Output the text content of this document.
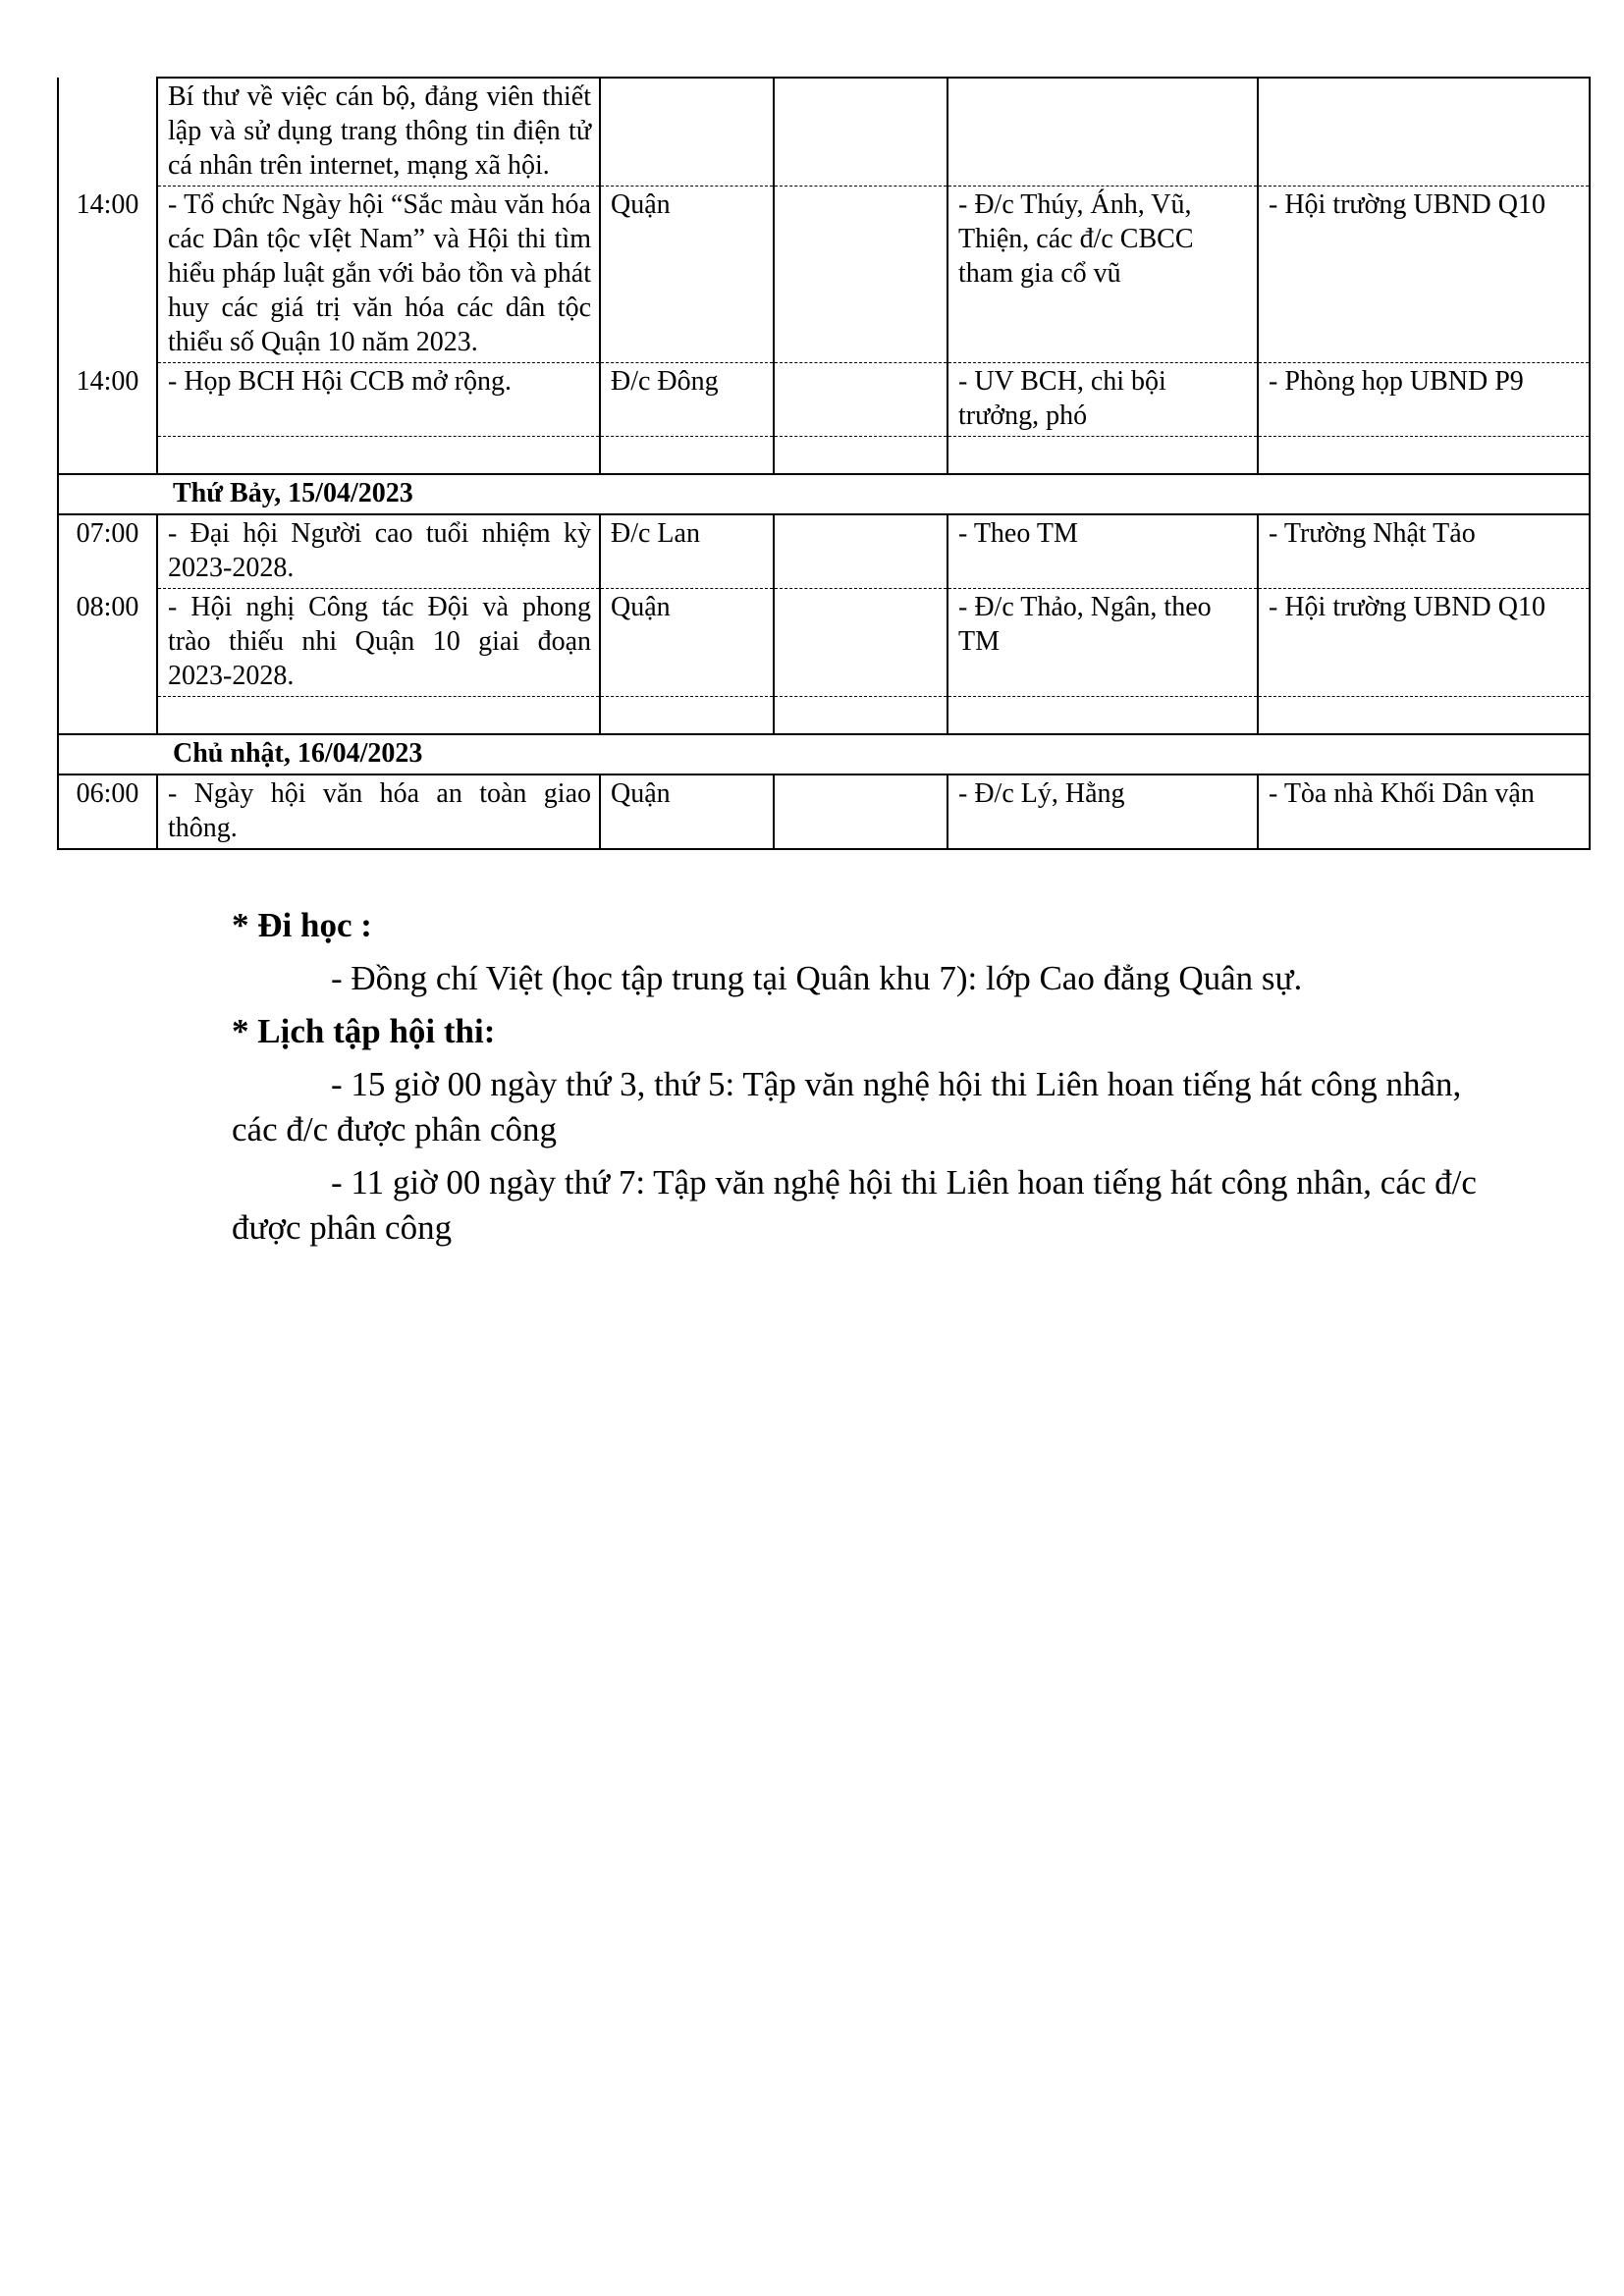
	Bí thư về việc cán bộ, đảng viên thiết lập và sử dụng trang thông tin điện tử cá nhân trên internet, mạng xã hội.				
14:00	- Tổ chức Ngày hội “Sắc màu văn hóa các Dân tộc vIệt Nam” và Hội thi tìm hiểu pháp luật gắn với bảo tồn và phát huy các giá trị văn hóa các dân tộc thiểu số Quận 10 năm 2023.	Quận		- Đ/c Thúy, Ánh, Vũ, Thiện, các đ/c CBCC tham gia cổ vũ	- Hội trường UBND Q10
14:00	- Họp BCH Hội CCB mở rộng.	Đ/c Đông		- UV BCH, chi bội trưởng, phó	- Phòng họp UBND P9

Thứ Bảy, 15/04/2023					
07:00	- Đại hội Người cao tuổi nhiệm kỳ 2023-2028.	Đ/c Lan		- Theo TM	- Trường Nhật Tảo
08:00	- Hội nghị Công tác Đội và phong trào thiếu nhi Quận 10 giai đoạn 2023-2028.	Quận		- Đ/c Thảo, Ngân, theo TM	- Hội trường UBND Q10

Chủ nhật, 16/04/2023					
06:00	- Ngày hội văn hóa an toàn giao thông.	Quận		- Đ/c Lý, Hằng	- Tòa nhà Khối Dân vận

* Đi học :

- Đồng chí Việt (học tập trung tại Quân khu 7): lớp Cao đẳng Quân sự.

* Lịch tập hội thi:

- 15 giờ 00 ngày thứ 3, thứ 5: Tập văn nghệ hội thi Liên hoan tiếng hát công nhân, các đ/c được phân công

- 11 giờ 00 ngày thứ 7: Tập văn nghệ hội thi Liên hoan tiếng hát công nhân, các đ/c được phân công
